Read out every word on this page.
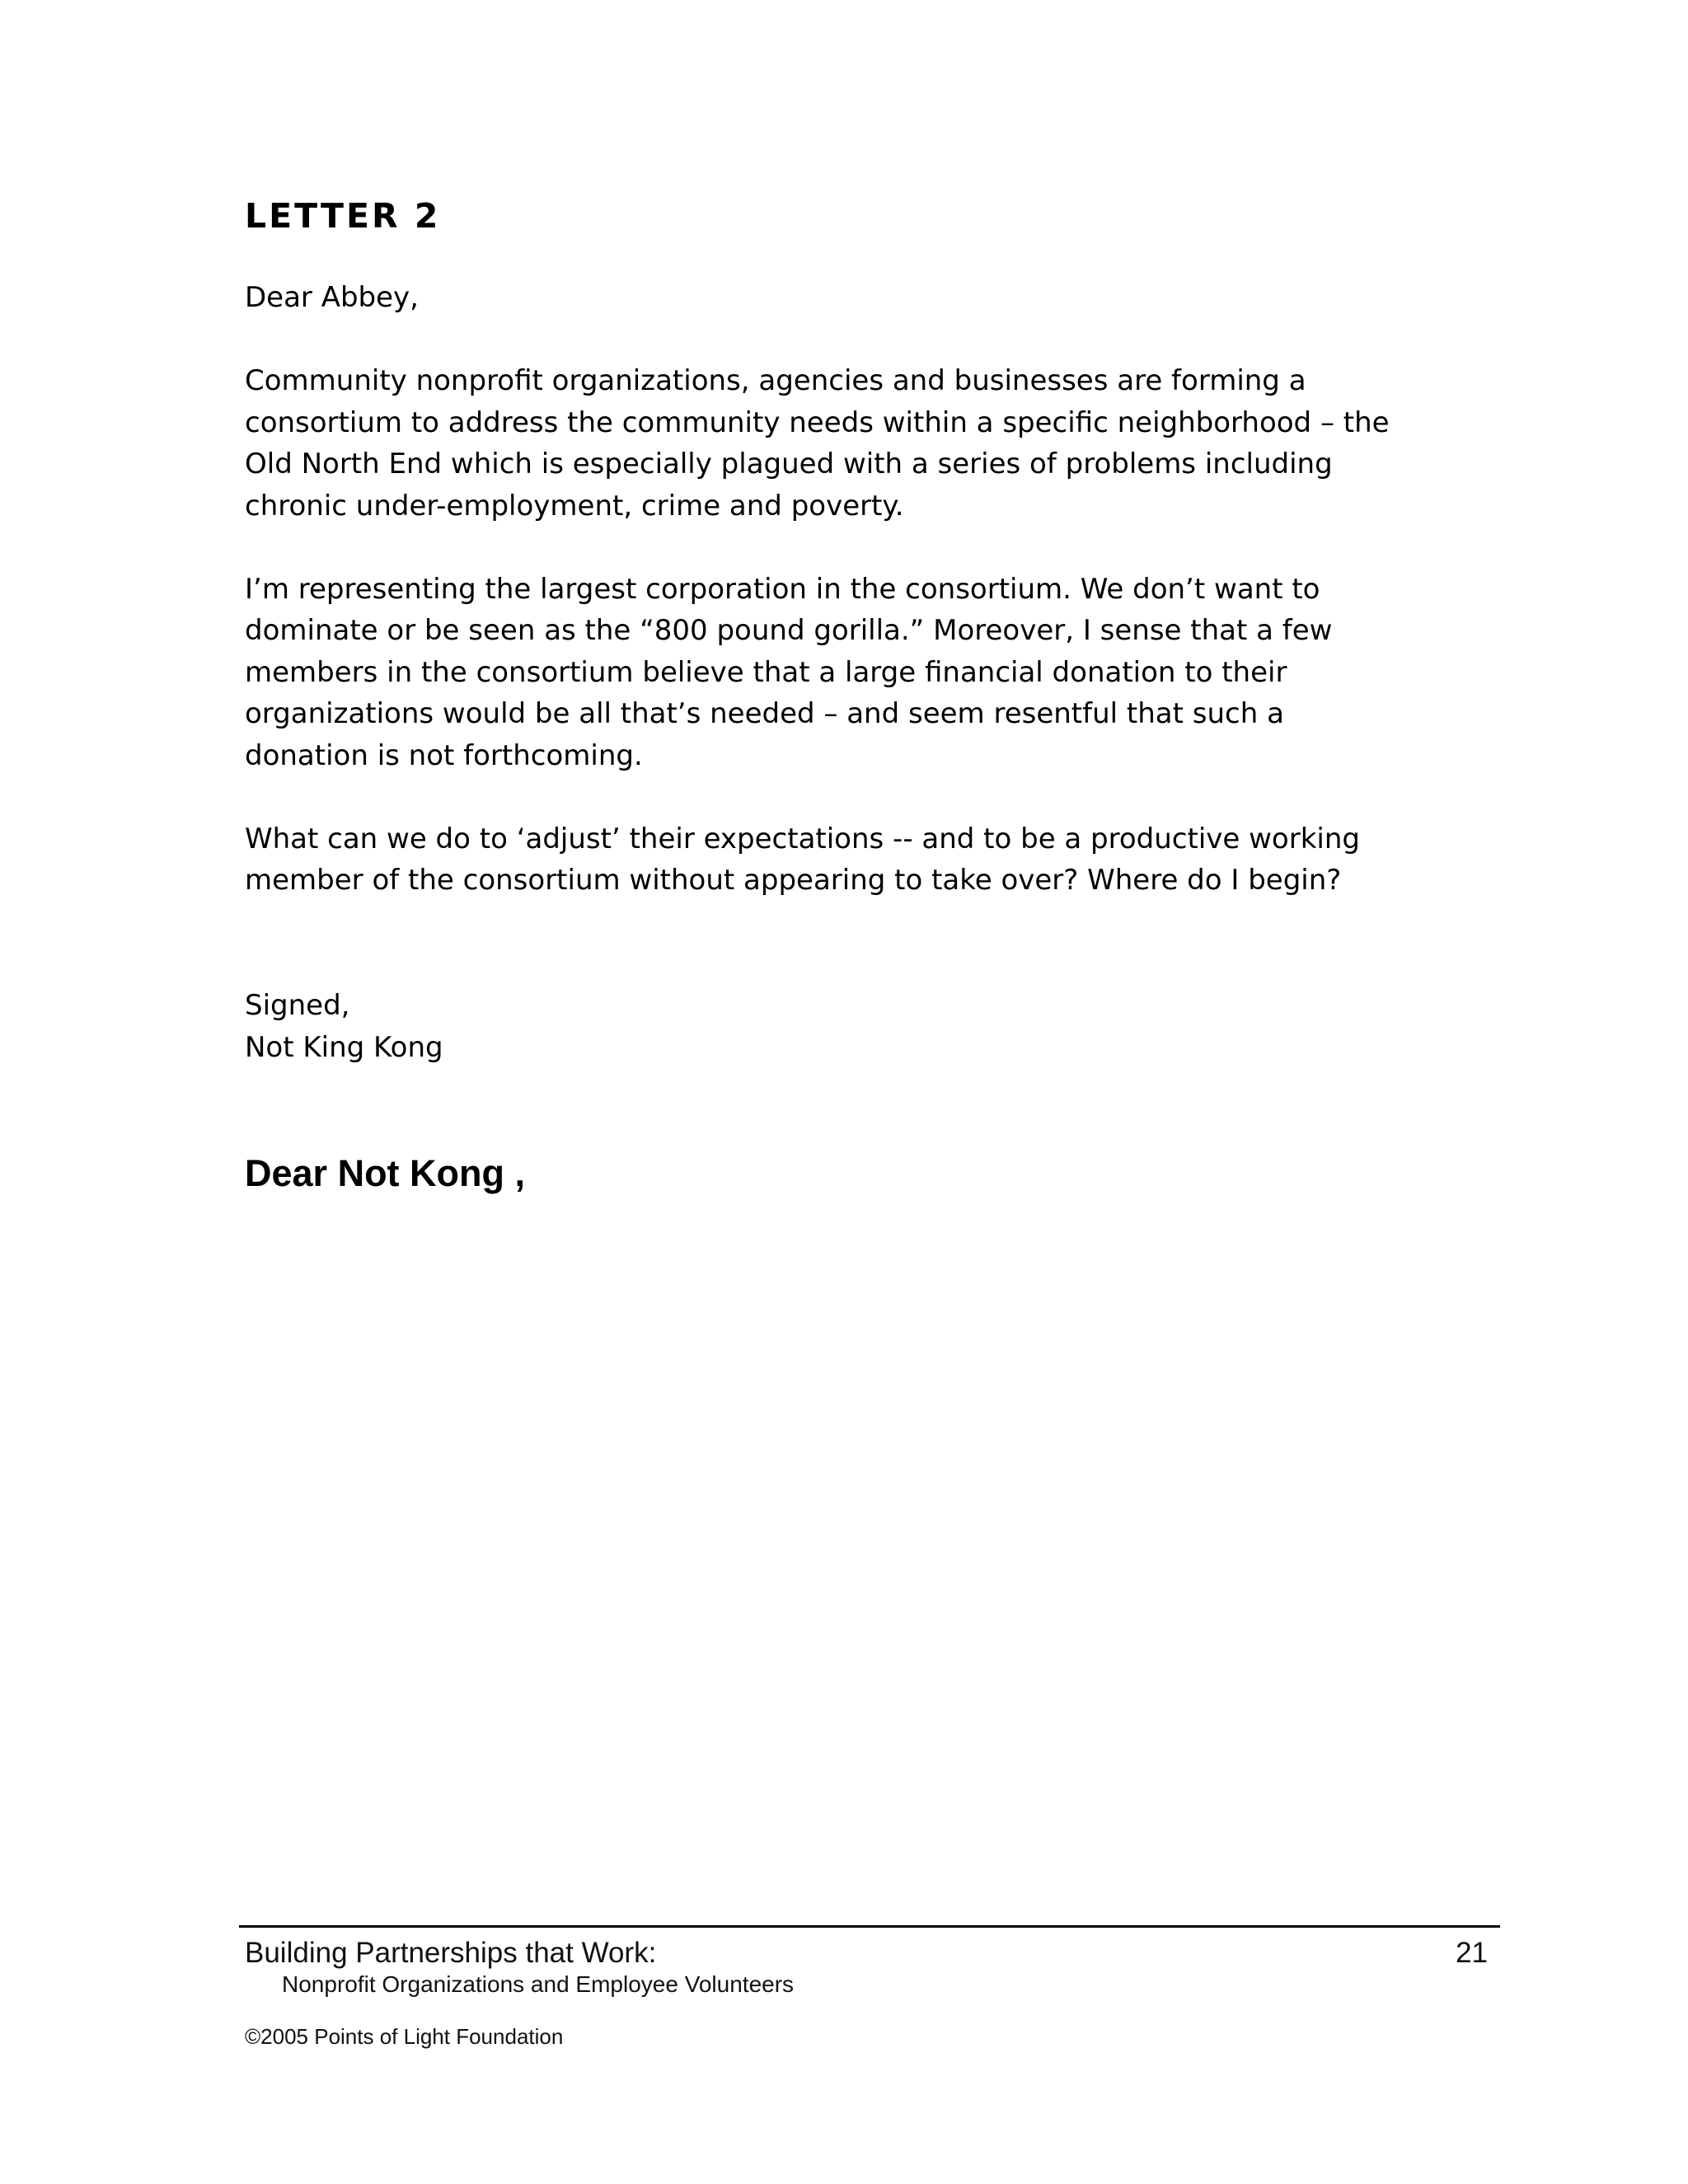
LETTER 2

Dear Abbey,

Community nonprofit organizations, agencies and businesses are forming a
consortium to address the community needs within a specific neighborhood – the
Old North End which is especially plagued with a series of problems including
chronic under-employment, crime and poverty.

I’m representing the largest corporation in the consortium. We don’t want to
dominate or be seen as the “800 pound gorilla.” Moreover, I sense that a few
members in the consortium believe that a large financial donation to their
organizations would be all that’s needed – and seem resentful that such a
donation is not forthcoming.

What can we do to ‘adjust’ their expectations -- and to be a productive working
member of the consortium without appearing to take over? Where do I begin?

Signed,
Not King Kong
Dear Not Kong ,
Building Partnerships that Work:
Nonprofit Organizations and Employee Volunteers
21
©2005 Points of Light Foundation
